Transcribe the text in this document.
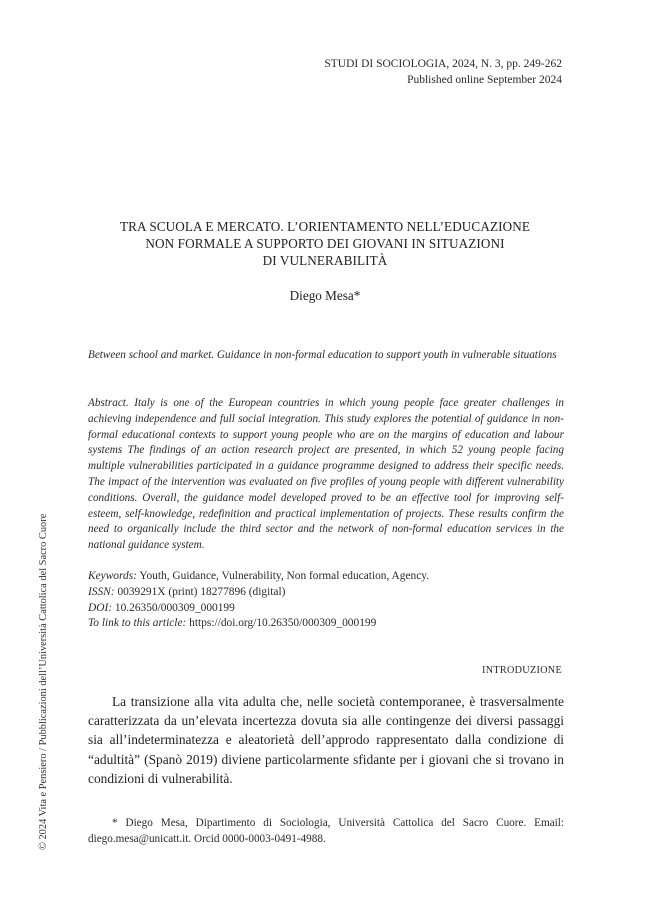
STUDI DI SOCIOLOGIA, 2024, N. 3, pp. 249-262
Published online September 2024
TRA SCUOLA E MERCATO. L’ORIENTAMENTO NELL’EDUCAZIONE
NON FORMALE A SUPPORTO DEI GIOVANI IN SITUAZIONI
DI VULNERABILITÀ
Diego Mesa*
Between school and market. Guidance in non-formal education to support youth in vulnerable situations
Abstract. Italy is one of the European countries in which young people face greater challenges in achieving independence and full social integration. This study explores the potential of guidance in non-formal educational contexts to support young people who are on the margins of education and labour systems The findings of an action research project are presented, in which 52 young people facing multiple vulnerabilities participated in a guidance programme designed to address their specific needs. The impact of the intervention was evaluated on five profiles of young people with different vulnerability conditions. Overall, the guidance model developed proved to be an effective tool for improving self-esteem, self-knowledge, redefinition and practical implementation of projects. These results confirm the need to organically include the third sector and the network of non-formal education services in the national guidance system.
Keywords: Youth, Guidance, Vulnerability, Non formal education, Agency.
ISSN: 0039291X (print) 18277896 (digital)
DOI: 10.26350/000309_000199
To link to this article: https://doi.org/10.26350/000309_000199
INTRODUZIONE
La transizione alla vita adulta che, nelle società contemporanee, è trasversalmente caratterizzata da un’elevata incertezza dovuta sia alle contingenze dei diversi passaggi sia all’indeterminatezza e aleatorietà dell’approdo rappresentato dalla condizione di “adultità” (Spanò 2019) diviene particolarmente sfidante per i giovani che si trovano in condizioni di vulnerabilità.
* Diego Mesa, Dipartimento di Sociologia, Università Cattolica del Sacro Cuore. Email: diego.mesa@unicatt.it. Orcid 0000-0003-0491-4988.
© 2024 Vita e Pensiero / Pubblicazioni dell’Università Cattolica del Sacro Cuore
